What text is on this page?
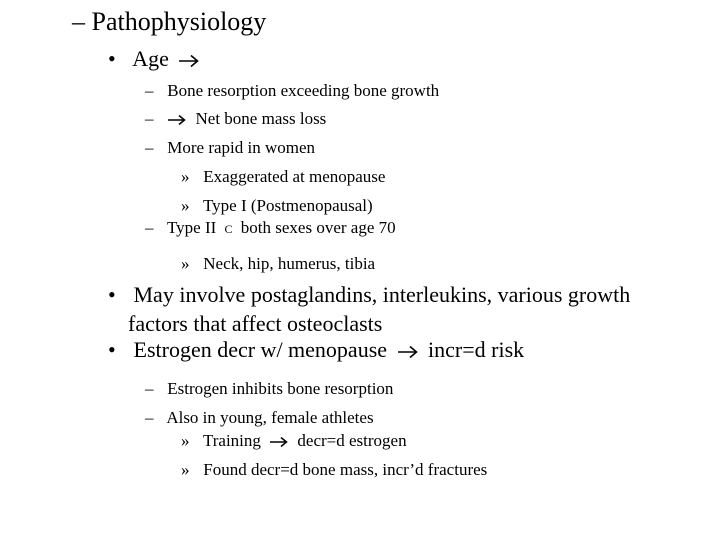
– Pathophysiology
• Age
– Bone resorption exceeding bone growth
– Net bone mass loss
– More rapid in women
» Exaggerated at menopause
» Type I (Postmenopausal)
– Type II C both sexes over age 70
» Neck, hip, humerus, tibia
• May involve postaglandins, interleukins, various growth
factors that affect osteoclasts
• Estrogen decr w/ menopause incr=d risk
– Estrogen inhibits bone resorption
– Also in young, female athletes
» Training decr=d estrogen
» Found decr=d bone mass, incr’d fractures
